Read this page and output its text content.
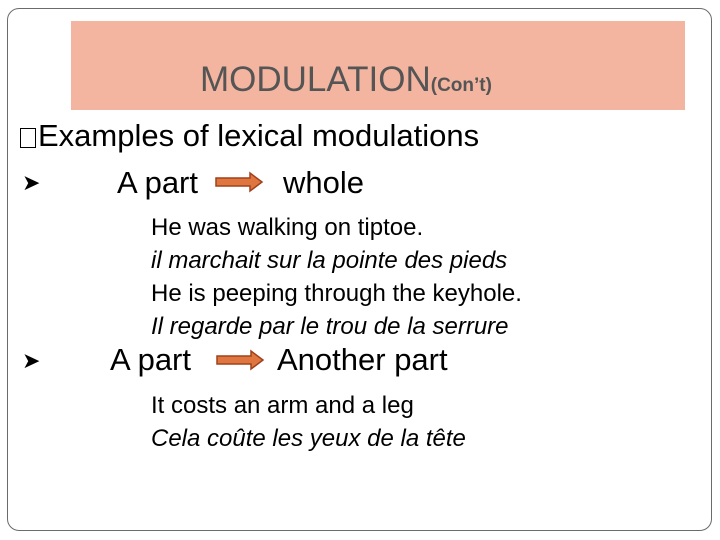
MODULATION(Con’t)
Examples of lexical modulations
➤ A part	whole
He was walking on tiptoe.
il marchait sur la pointe des pieds
He is peeping through the keyhole.
Il regarde par le trou de la serrure
➤ A part	Another part
It costs an arm and a leg
Cela coûte les yeux de la tête
